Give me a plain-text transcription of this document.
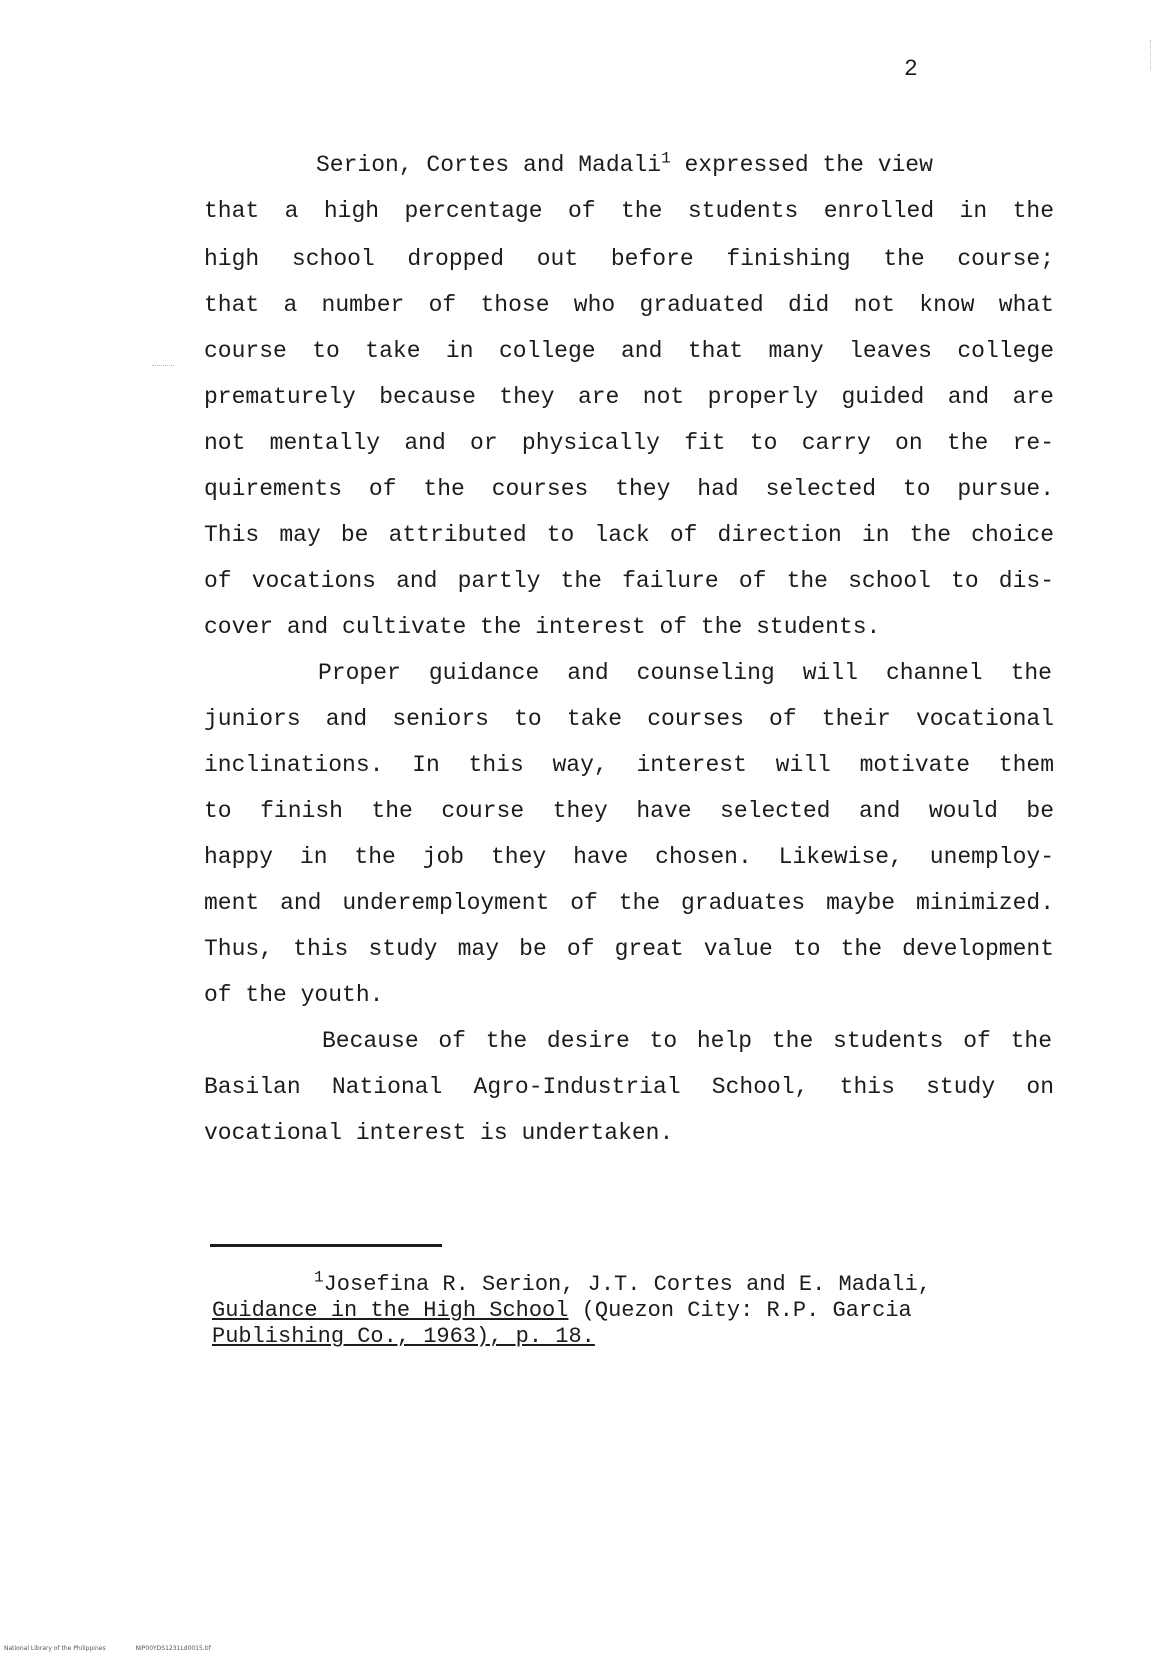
2
Serion, Cortes and Madali$^1$ expressed the view
that a high percentage of the students enrolled in the
high school dropped out before finishing the course;
that a number of those who graduated did not know what
course to take in college and that many leaves college
prematurely because they are not properly guided and are
not mentally and or physically fit to carry on the re-
quirements of the courses they had selected to pursue.
This may be attributed to lack of direction in the choice
of vocations and partly the failure of the school to dis-
cover and cultivate the interest of the students.
Proper guidance and counseling will channel the
juniors and seniors to take courses of their vocational
inclinations. In this way, interest will motivate them
to finish the course they have selected and would be
happy in the job they have chosen. Likewise, unemploy-
ment and underemployment of the graduates maybe minimized.
Thus, this study may be of great value to the development
of the youth.
Because of the desire to help the students of the
Basilan National Agro-Industrial School, this study on
vocational interest is undertaken.
$^1$Josefina R. Serion, J.T. Cortes and E. Madali,
Guidance in the High School (Quezon City: R.P. Garcia
Publishing Co., 1963), p. 18.
National Library of the Philippines	NIP00YDS1231Ld0015.tif
